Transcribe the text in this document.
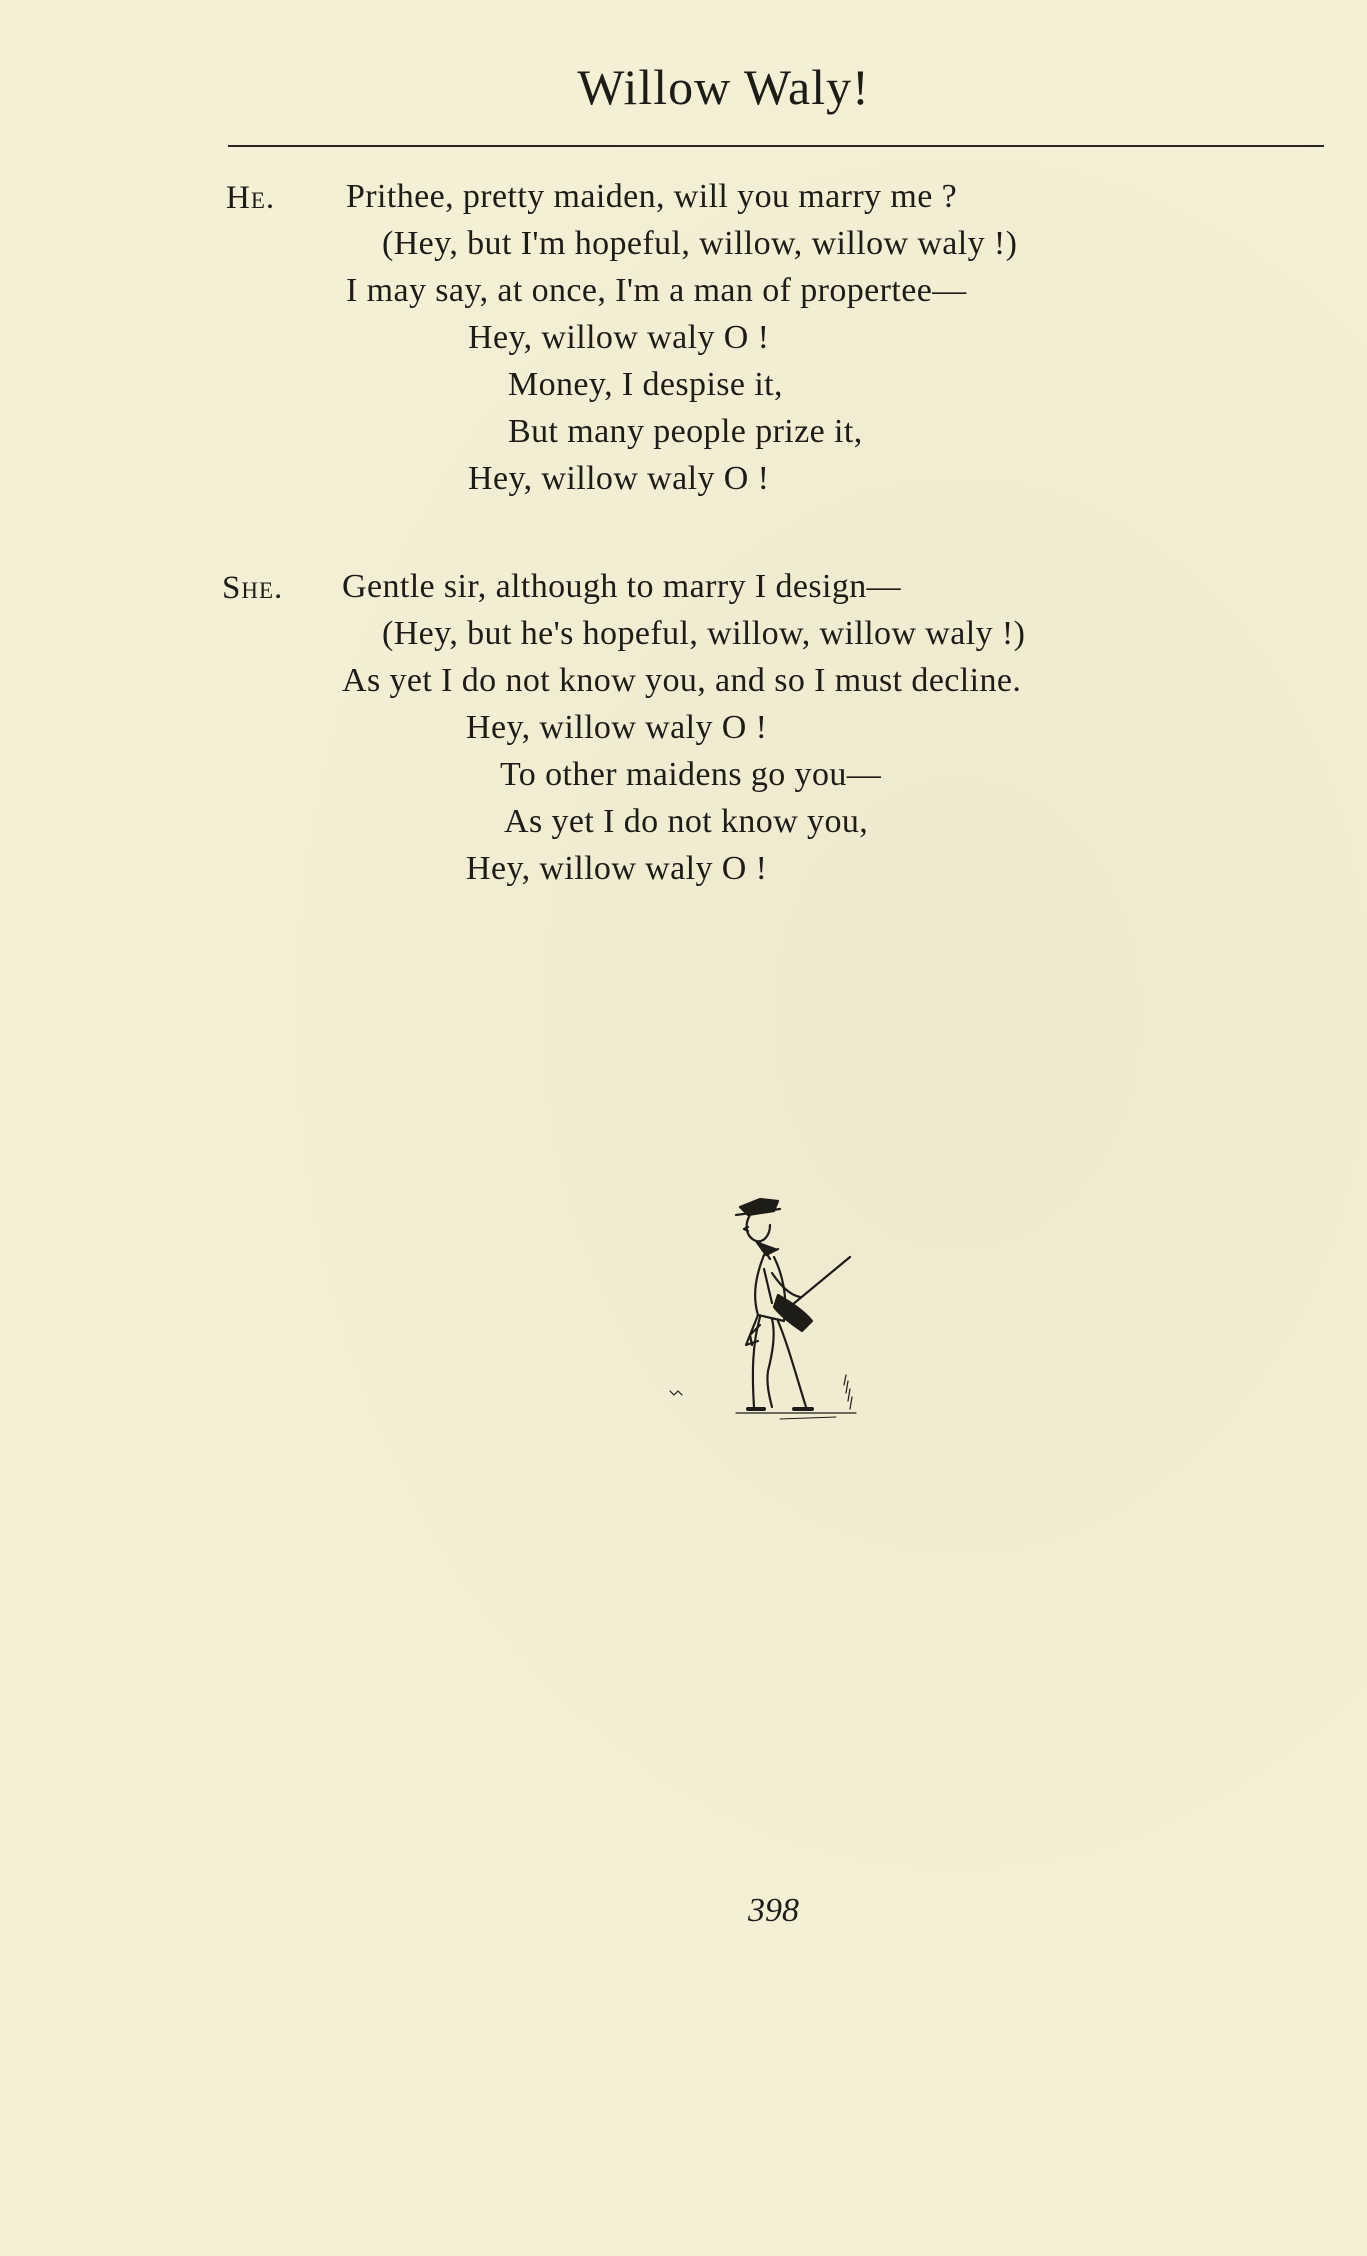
Willow Waly!
He. Prithee, pretty maiden, will you marry me ?
(Hey, but I'm hopeful, willow, willow waly !)
I may say, at once, I'm a man of propertee—
Hey, willow waly O !
Money, I despise it,
But many people prize it,
Hey, willow waly O !
She. Gentle sir, although to marry I design—
(Hey, but he's hopeful, willow, willow waly !)
As yet I do not know you, and so I must decline.
Hey, willow waly O !
To other maidens go you—
As yet I do not know you,
Hey, willow waly O !
398
